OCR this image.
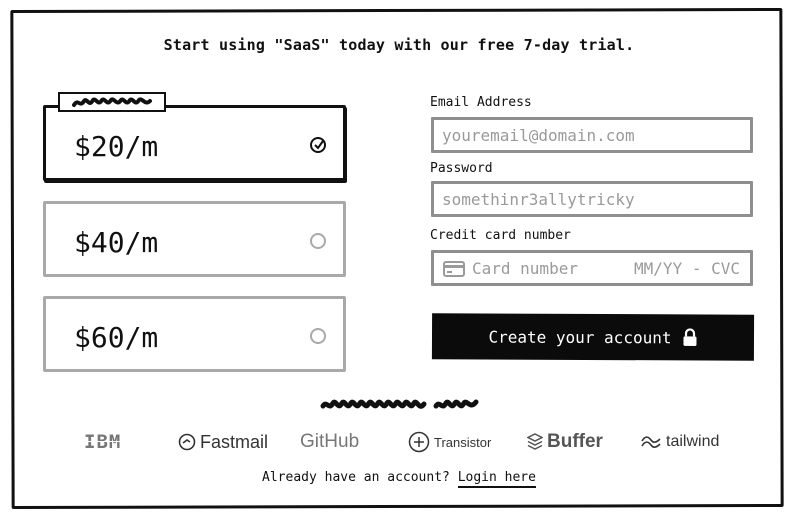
Start using "SaaS" today with our free 7-day trial.
$20/m
$40/m
$60/m
Email Address
youremail@domain.com
Password
somethinr3allytricky
Credit card number
Card number
MM/YY - CVC
Create your account
IBM	Fastmail GitHub	Transistor	Buffer	tailwind
Already have an account? Login here
